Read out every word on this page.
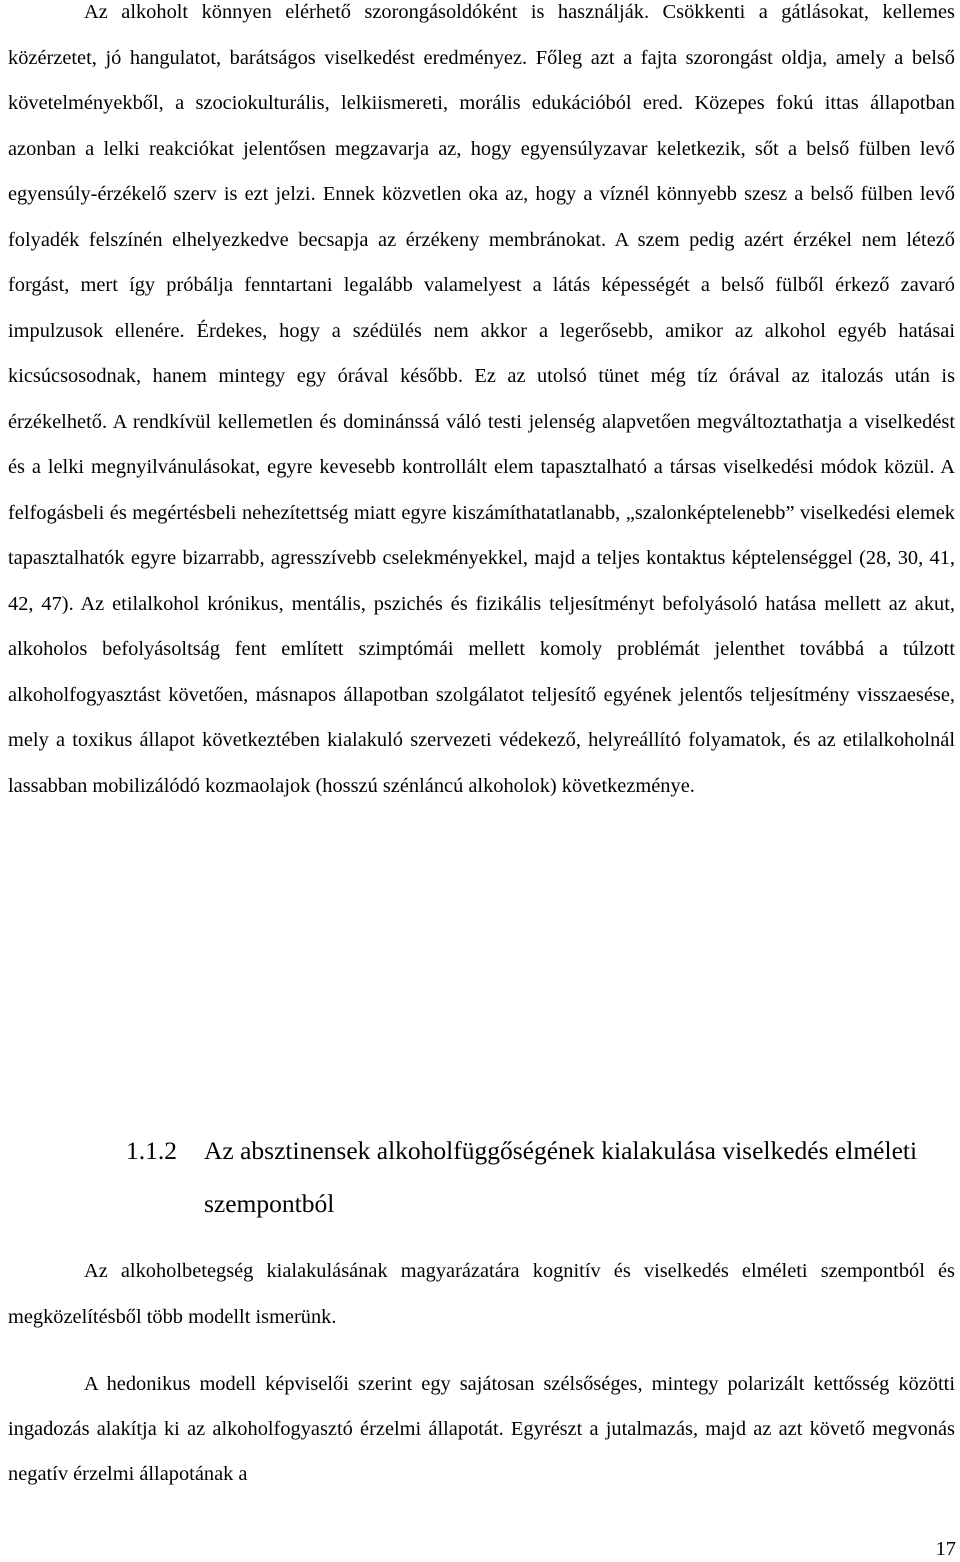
Az alkoholt könnyen elérhető szorongásoldóként is használják. Csökkenti a gátlásokat, kellemes közérzetet, jó hangulatot, barátságos viselkedést eredményez. Főleg azt a fajta szorongást oldja, amely a belső követelményekből, a szociokulturális, lelkiismereti, morális edukációból ered. Közepes fokú ittas állapotban azonban a lelki reakciókat jelentősen megzavarja az, hogy egyensúlyzavar keletkezik, sőt a belső fülben levő egyensúly-érzékelő szerv is ezt jelzi. Ennek közvetlen oka az, hogy a víznél könnyebb szesz a belső fülben levő folyadék felszínén elhelyezkedve becsapja az érzékeny membránokat. A szem pedig azért érzékel nem létező forgást, mert így próbálja fenntartani legalább valamelyest a látás képességét a belső fülből érkező zavaró impulzusok ellenére. Érdekes, hogy a szédülés nem akkor a legerősebb, amikor az alkohol egyéb hatásai kicsúcsosodnak, hanem mintegy egy órával később. Ez az utolsó tünet még tíz órával az italozás után is érzékelhető. A rendkívül kellemetlen és dominánssá váló testi jelenség alapvetően megváltoztathatja a viselkedést és a lelki megnyilvánulásokat, egyre kevesebb kontrollált elem tapasztalható a társas viselkedési módok közül. A felfogásbeli és megértésbeli nehezítettség miatt egyre kiszámíthatatlanabb, „szalonképtelenebb” viselkedési elemek tapasztalhatók egyre bizarrabb, agresszívebb cselekményekkel, majd a teljes kontaktus képtelenséggel (28, 30, 41, 42, 47). Az etilalkohol krónikus, mentális, pszichés és fizikális teljesítményt befolyásoló hatása mellett az akut, alkoholos befolyásoltság fent említett szimptómái mellett komoly problémát jelenthet továbbá a túlzott alkoholfogyasztást követően, másnapos állapotban szolgálatot teljesítő egyének jelentős teljesítmény visszaesése, mely a toxikus állapot következtében kialakuló szervezeti védekező, helyreállító folyamatok, és az etilalkoholnál lassabban mobilizálódó kozmaolajok (hosszú szénláncú alkoholok) következménye.

1.1.2 Az absztinensek alkoholfüggőségének kialakulása viselkedés elméleti szempontból

Az alkoholbetegség kialakulásának magyarázatára kognitív és viselkedés elméleti szempontból és megközelítésből több modellt ismerünk.

A hedonikus modell képviselői szerint egy sajátosan szélsőséges, mintegy polarizált kettősség közötti ingadozás alakítja ki az alkoholfogyasztó érzelmi állapotát. Egyrészt a jutalmazás, majd az azt követő megvonás negatív érzelmi állapotának a

17
